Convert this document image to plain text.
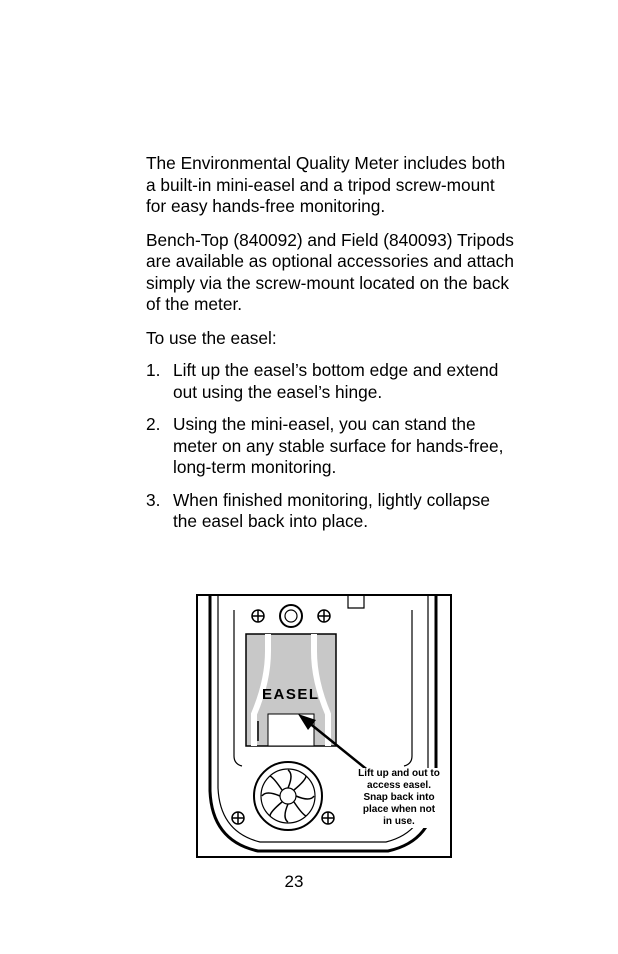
The Environmental Quality Meter includes both a built-in mini-easel and a tripod screw-mount for easy hands-free monitoring.

Bench-Top (840092) and Field (840093) Tripods are available as optional accessories and attach simply via the screw-mount located on the back of the meter.

To use the easel:

1. Lift up the easel’s bottom edge and extend out using the easel’s hinge.
2. Using the mini-easel, you can stand the meter on any stable surface for hands-free, long-term monitoring.
3. When finished monitoring, lightly collapse the easel back into place.
EASEL
Lift up and out to access easel. Snap back into place when not in use.
23
